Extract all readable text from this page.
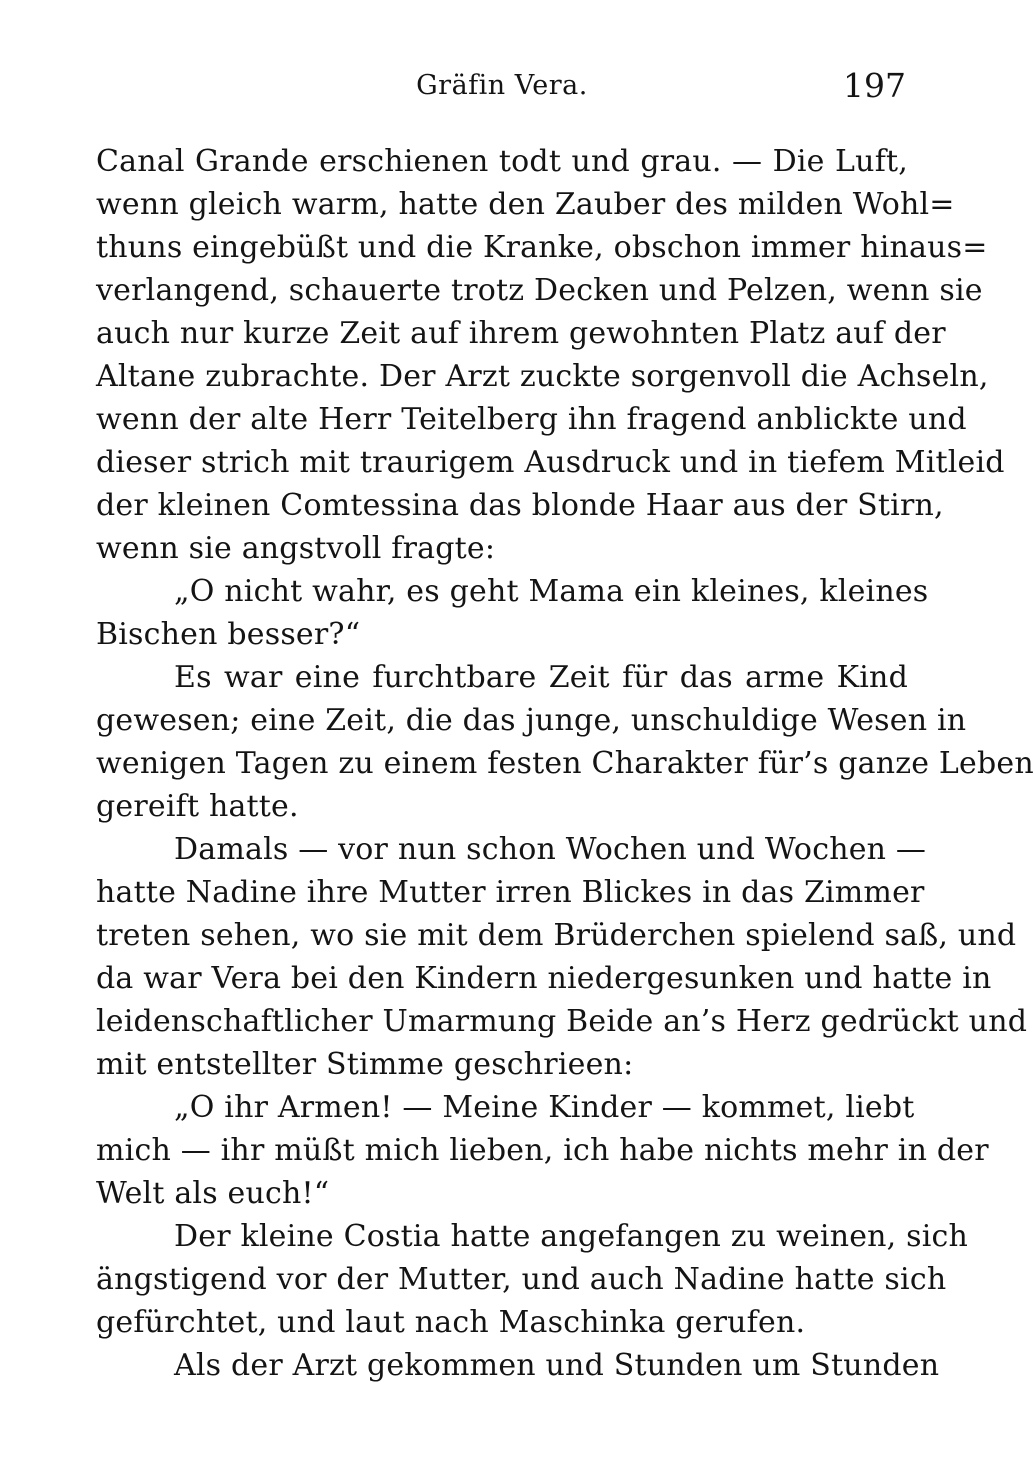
Gräfin Vera.	197
Canal Grande erschienen todt und grau. — Die Luft,
wenn gleich warm, hatte den Zauber des milden Wohl=
thuns eingebüßt und die Kranke, obschon immer hinaus=
verlangend, schauerte trotz Decken und Pelzen, wenn sie
auch nur kurze Zeit auf ihrem gewohnten Platz auf der
Altane zubrachte. Der Arzt zuckte sorgenvoll die Achseln,
wenn der alte Herr Teitelberg ihn fragend anblickte und
dieser strich mit traurigem Ausdruck und in tiefem Mitleid
der kleinen Comtessina das blonde Haar aus der Stirn,
wenn sie angstvoll fragte:
„O nicht wahr, es geht Mama ein kleines, kleines
Bischen besser?“
Es war eine furchtbare Zeit für das arme Kind
gewesen; eine Zeit, die das junge, unschuldige Wesen in
wenigen Tagen zu einem festen Charakter für’s ganze Leben
gereift hatte.
Damals — vor nun schon Wochen und Wochen —
hatte Nadine ihre Mutter irren Blickes in das Zimmer
treten sehen, wo sie mit dem Brüderchen spielend saß, und
da war Vera bei den Kindern niedergesunken und hatte in
leidenschaftlicher Umarmung Beide an’s Herz gedrückt und
mit entstellter Stimme geschrieen:
„O ihr Armen! — Meine Kinder — kommet, liebt
mich — ihr müßt mich lieben, ich habe nichts mehr in der
Welt als euch!“
Der kleine Costia hatte angefangen zu weinen, sich
ängstigend vor der Mutter, und auch Nadine hatte sich
gefürchtet, und laut nach Maschinka gerufen.
Als der Arzt gekommen und Stunden um Stunden
